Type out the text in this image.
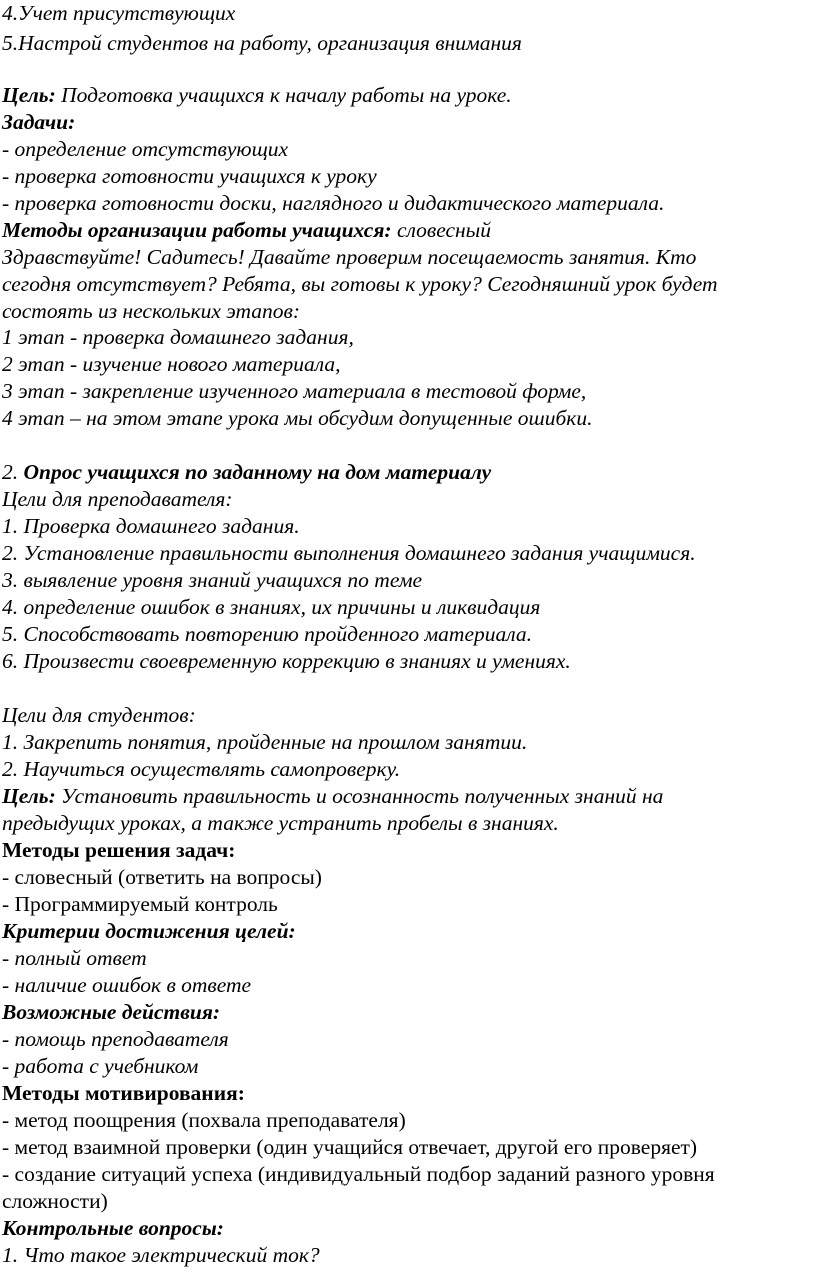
4.Учет присутствующих
5.Настрой студентов на работу, организация внимания
Цель: Подготовка учащихся к началу работы на уроке.
Задачи:
- определение отсутствующих
- проверка готовности учащихся к уроку
- проверка готовности доски, наглядного и дидактического материала.
Методы организации работы учащихся: словесный
Здравствуйте! Садитесь! Давайте проверим посещаемость занятия. Кто
сегодня отсутствует? Ребята, вы готовы к уроку? Сегодняшний урок будет
состоять из нескольких этапов:
1 этап - проверка домашнего задания,
2 этап - изучение нового материала,
3 этап - закрепление изученного материала в тестовой форме,
4 этап – на этом этапе урока мы обсудим допущенные ошибки.
2. Опрос учащихся по заданному на дом материалу
Цели для преподавателя:
1. Проверка домашнего задания.
2. Установление правильности выполнения домашнего задания учащимися.
3. выявление уровня знаний учащихся по теме
4. определение ошибок в знаниях, их причины и ликвидация
5. Способствовать повторению пройденного материала.
6. Произвести своевременную коррекцию в знаниях и умениях.
Цели для студентов:
1. Закрепить понятия, пройденные на прошлом занятии.
2. Научиться осуществлять самопроверку.
Цель: Установить правильность и осознанность полученных знаний на
предыдущих уроках, а также устранить пробелы в знаниях.
Методы решения задач:
- словесный (ответить на вопросы)
- Программируемый контроль
Критерии достижения целей:
- полный ответ
- наличие ошибок в ответе
Возможные действия:
- помощь преподавателя
- работа с учебником
Методы мотивирования:
- метод поощрения (похвала преподавателя)
- метод взаимной проверки (один учащийся отвечает, другой его проверяет)
- создание ситуаций успеха (индивидуальный подбор заданий разного уровня
сложности)
Контрольные вопросы:
1. Что такое электрический ток?
